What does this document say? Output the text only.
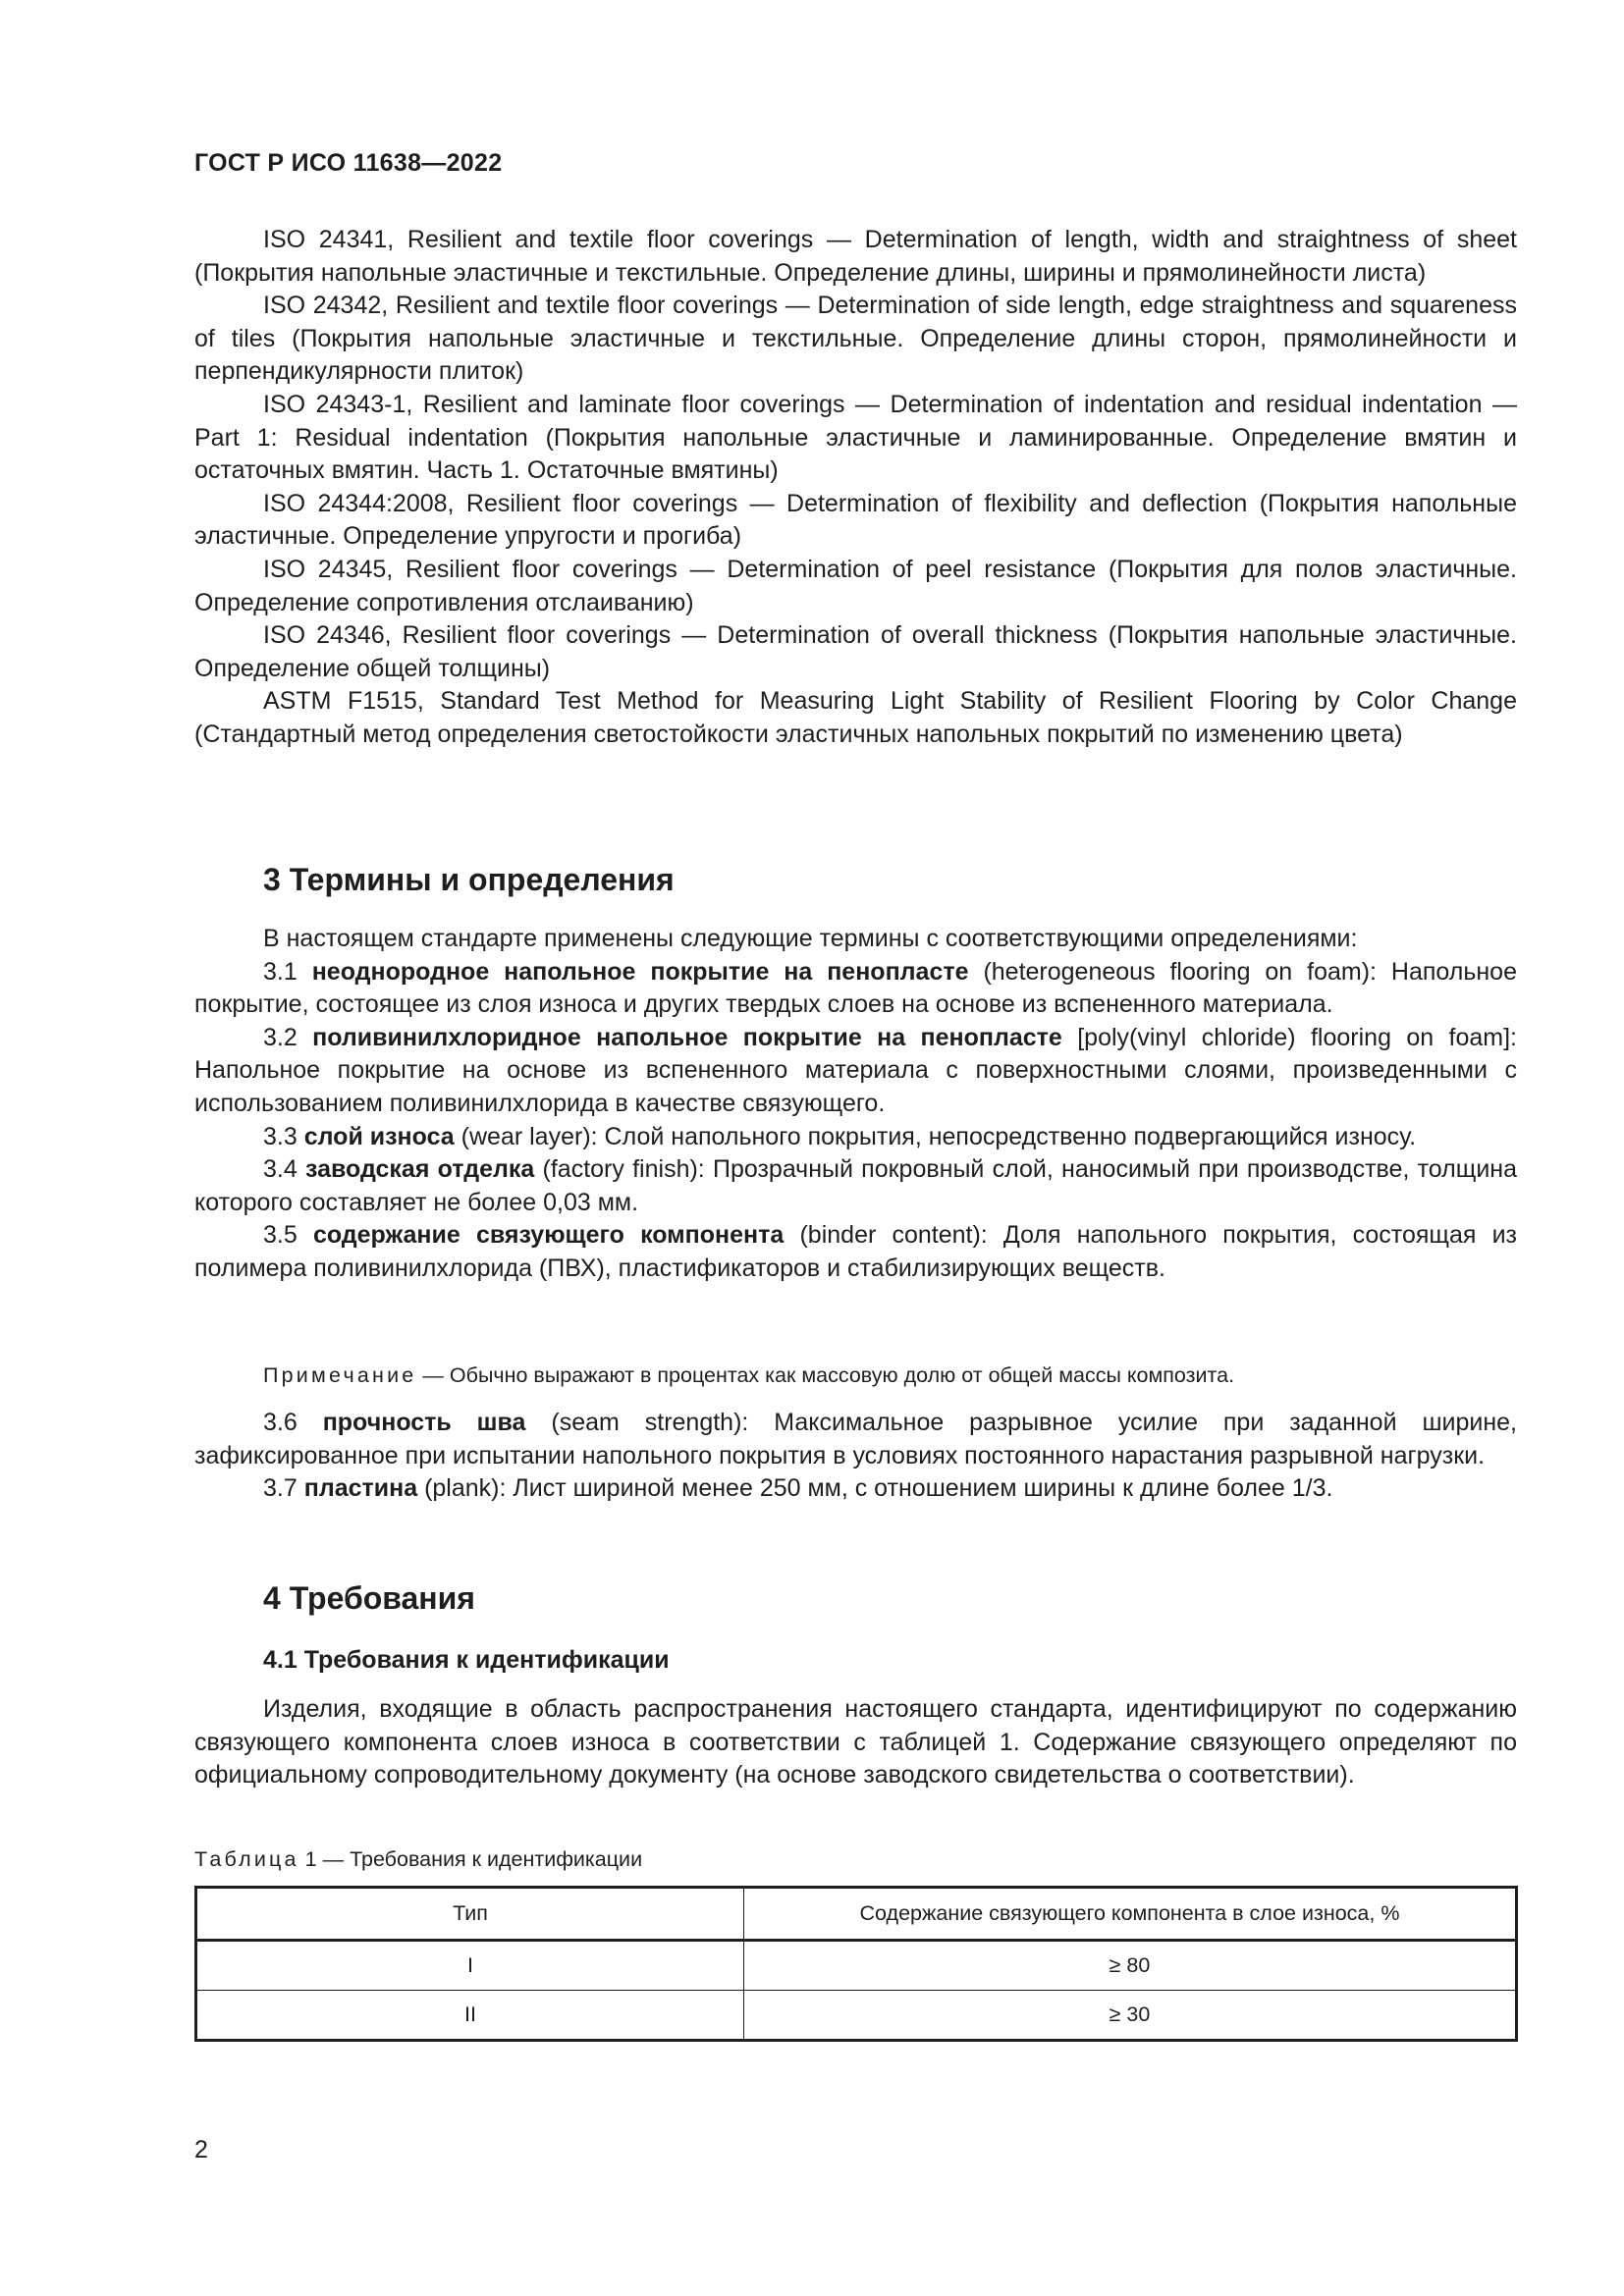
ГОСТ Р ИСО 11638—2022

ISO 24341, Resilient and textile floor coverings — Determination of length, width and straightness of sheet (Покрытия напольные эластичные и текстильные. Определение длины, ширины и прямолинейности листа)

ISO 24342, Resilient and textile floor coverings — Determination of side length, edge straightness and squareness of tiles (Покрытия напольные эластичные и текстильные. Определение длины сторон, прямолинейности и перпендикулярности плиток)

ISO 24343-1, Resilient and laminate floor coverings — Determination of indentation and residual indentation — Part 1: Residual indentation (Покрытия напольные эластичные и ламинированные. Определение вмятин и остаточных вмятин. Часть 1. Остаточные вмятины)

ISO 24344:2008, Resilient floor coverings — Determination of flexibility and deflection (Покрытия напольные эластичные. Определение упругости и прогиба)

ISO 24345, Resilient floor coverings — Determination of peel resistance (Покрытия для полов эластичные. Определение сопротивления отслаиванию)

ISO 24346, Resilient floor coverings — Determination of overall thickness (Покрытия напольные эластичные. Определение общей толщины)

ASTM F1515, Standard Test Method for Measuring Light Stability of Resilient Flooring by Color Change (Стандартный метод определения светостойкости эластичных напольных покрытий по изменению цвета)

3 Термины и определения

В настоящем стандарте применены следующие термины с соответствующими определениями:

3.1 неоднородное напольное покрытие на пенопласте (heterogeneous flooring on foam): Напольное покрытие, состоящее из слоя износа и других твердых слоев на основе из вспененного материала.

3.2 поливинилхлоридное напольное покрытие на пенопласте [poly(vinyl chloride) flooring on foam]: Напольное покрытие на основе из вспененного материала с поверхностными слоями, произведенными с использованием поливинилхлорида в качестве связующего.

3.3 слой износа (wear layer): Слой напольного покрытия, непосредственно подвергающийся износу.

3.4 заводская отделка (factory finish): Прозрачный покровный слой, наносимый при производстве, толщина которого составляет не более 0,03 мм.

3.5 содержание связующего компонента (binder content): Доля напольного покрытия, состоящая из полимера поливинилхлорида (ПВХ), пластификаторов и стабилизирующих веществ.

Примечание — Обычно выражают в процентах как массовую долю от общей массы композита.

3.6 прочность шва (seam strength): Максимальное разрывное усилие при заданной ширине, зафиксированное при испытании напольного покрытия в условиях постоянного нарастания разрывной нагрузки.

3.7 пластина (plank): Лист шириной менее 250 мм, с отношением ширины к длине более 1/3.

4 Требования
4.1 Требования к идентификации

Изделия, входящие в область распространения настоящего стандарта, идентифицируют по содержанию связующего компонента слоев износа в соответствии с таблицей 1. Содержание связующего определяют по официальному сопроводительному документу (на основе заводского свидетельства о соответствии).

Таблица 1 — Требования к идентификации
Тип	Содержание связующего компонента в слое износа, %
I	≥ 80
II	≥ 30
2
